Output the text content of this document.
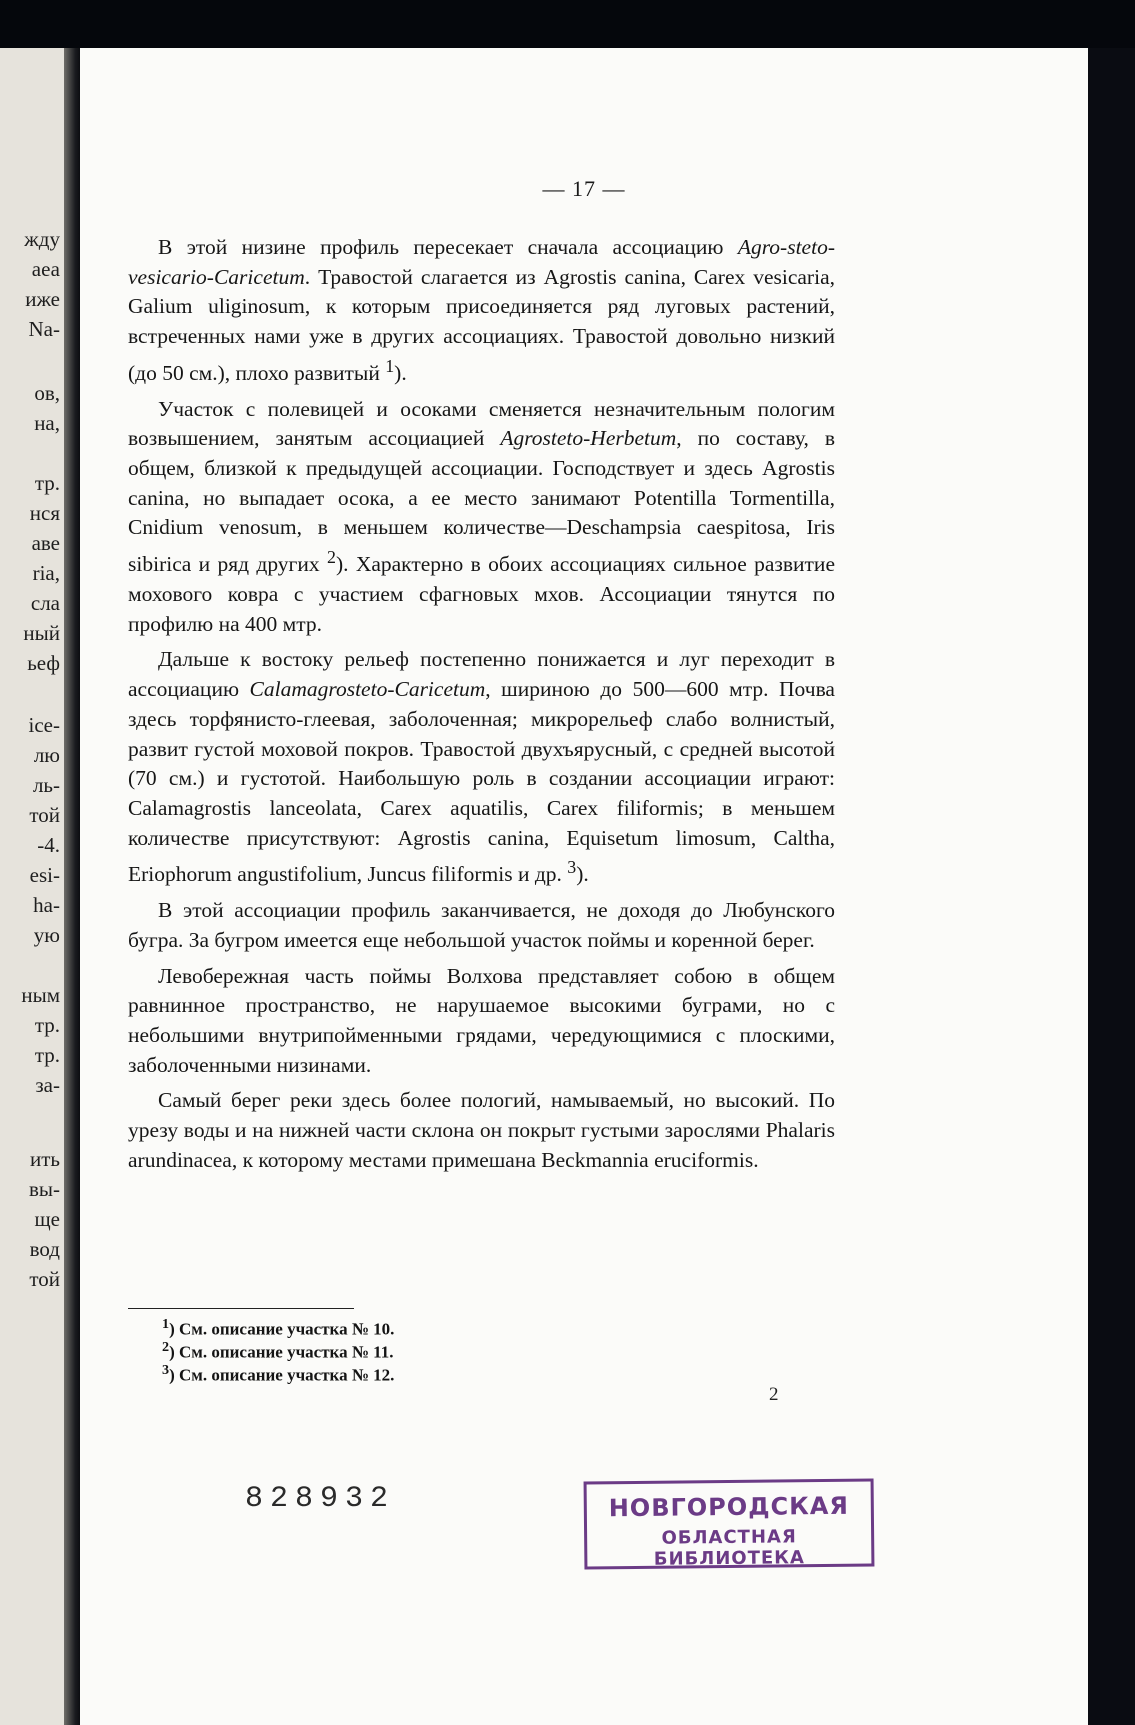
жду
аеа
иже
Na-
ов,
на,
тр.
нся
аве
ria,
сла
ный
ьеф
ice-
лю
ль-
той
-4.
esi-
ha-
ую
ным
тр.
тр.
за-
ить
вы-
ще
вод
той
— 17 —

В этой низине профиль пересекает сначала ассоциацию Agro-steto-vesicario-Caricetum. Травостой слагается из Agrostis canina, Carex vesicaria, Galium uliginosum, к которым присоединяется ряд луговых растений, встреченных нами уже в других ассоциациях. Травостой довольно низкий (до 50 см.), плохо развитый $^1$).

Участок с полевицей и осоками сменяется незначительным пологим возвышением, занятым ассоциацией Agrosteto-Herbetum, по составу, в общем, близкой к предыдущей ассоциации. Господствует и здесь Agrostis canina, но выпадает осока, а ее место занимают Potentilla Tormentilla, Cnidium venosum, в меньшем количестве—Deschampsia caespitosa, Iris sibirica и ряд других $^2$). Характерно в обоих ассоциациях сильное развитие мохового ковра с участием сфагновых мхов. Ассоциации тянутся по профилю на 400 мтр.

Дальше к востоку рельеф постепенно понижается и луг переходит в ассоциацию Calamagrosteto-Caricetum, шириною до 500—600 мтр. Почва здесь торфянисто-глеевая, заболоченная; микрорельеф слабо волнистый, развит густой моховой покров. Травостой двухъярусный, с средней высотой (70 см.) и густотой. Наибольшую роль в создании ассоциации играют: Calamagrostis lanceolata, Carex aquatilis, Carex filiformis; в меньшем количестве присутствуют: Agrostis canina, Equisetum limosum, Caltha, Eriophorum angustifolium, Juncus filiformis и др. $^3$).

В этой ассоциации профиль заканчивается, не доходя до Любунского бугра. За бугром имеется еще небольшой участок поймы и коренной берег.

Левобережная часть поймы Волхова представляет собою в общем равнинное пространство, не нарушаемое высокими буграми, но с небольшими внутрипойменными грядами, чередующимися с плоскими, заболоченными низинами.

Самый берег реки здесь более пологий, намываемый, но высокий. По урезу воды и на нижней части склона он покрыт густыми зарослями Phalaris arundinacea, к которому местами примешана Beckmannia eruciformis.

$^1$) См. описание участка № 10.
$^2$) См. описание участка № 11.
$^3$) См. описание участка № 12.
2
828932	НОВГОРОДСКАЯ
ОБЛАСТНАЯ БИБЛИОТЕКА
